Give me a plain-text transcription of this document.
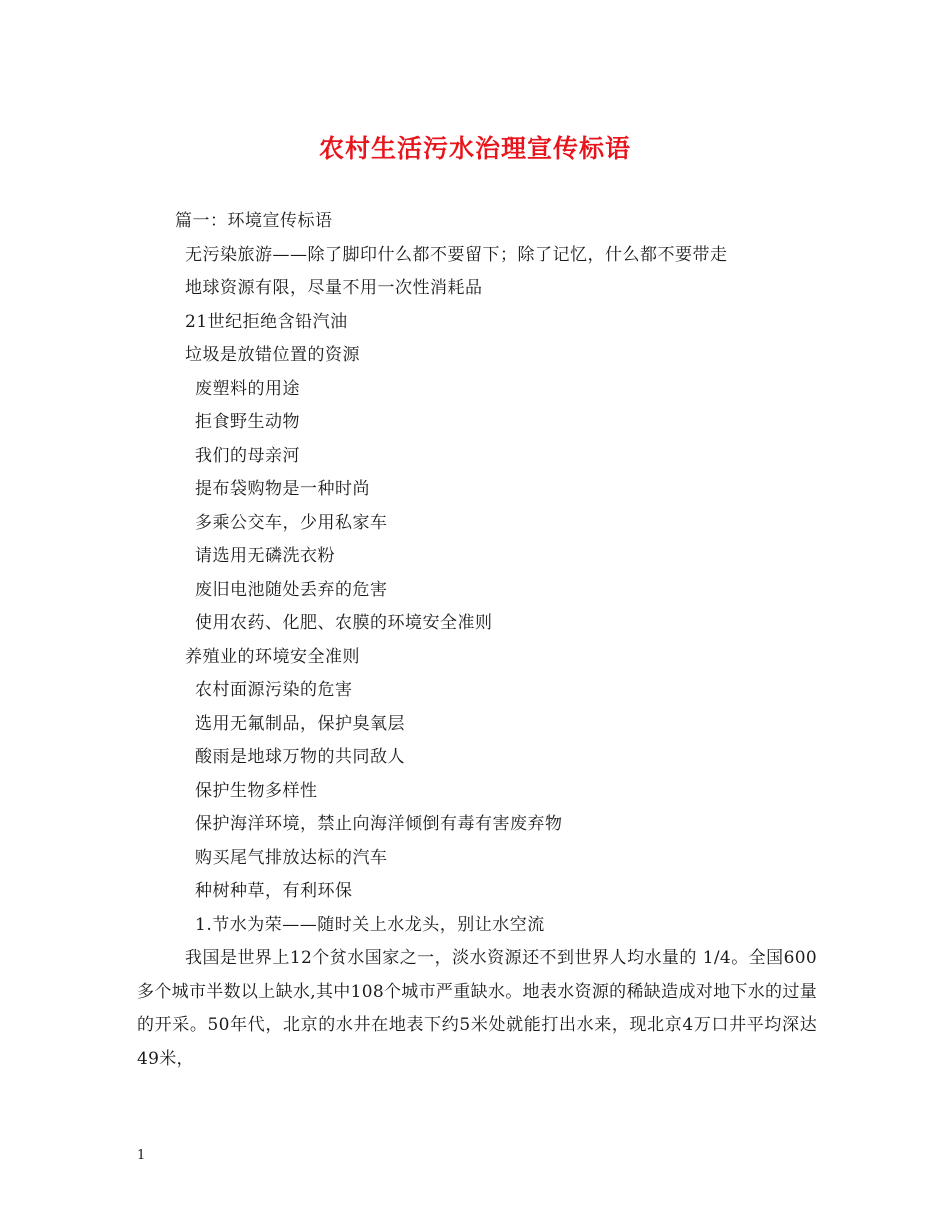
农村生活污水治理宣传标语
篇一：环境宣传标语
无污染旅游——除了脚印什么都不要留下；除了记忆，什么都不要带走
地球资源有限，尽量不用一次性消耗品
21世纪拒绝含铅汽油
垃圾是放错位置的资源
废塑料的用途
拒食野生动物
我们的母亲河
提布袋购物是一种时尚
多乘公交车，少用私家车
请选用无磷洗衣粉
废旧电池随处丢弃的危害
使用农药、化肥、农膜的环境安全准则
养殖业的环境安全准则
农村面源污染的危害
选用无氟制品，保护臭氧层
酸雨是地球万物的共同敌人
保护生物多样性
保护海洋环境，禁止向海洋倾倒有毒有害废弃物
购买尾气排放达标的汽车
种树种草，有利环保
1.节水为荣——随时关上水龙头，别让水空流
我国是世界上12个贫水国家之一，淡水资源还不到世界人均水量的 1/4。全国600多个城市半数以上缺水,其中108个城市严重缺水。地表水资源的稀缺造成对地下水的过量的开采。50年代，北京的水井在地表下约5米处就能打出水来，现北京4万口井平均深达49米，
1
